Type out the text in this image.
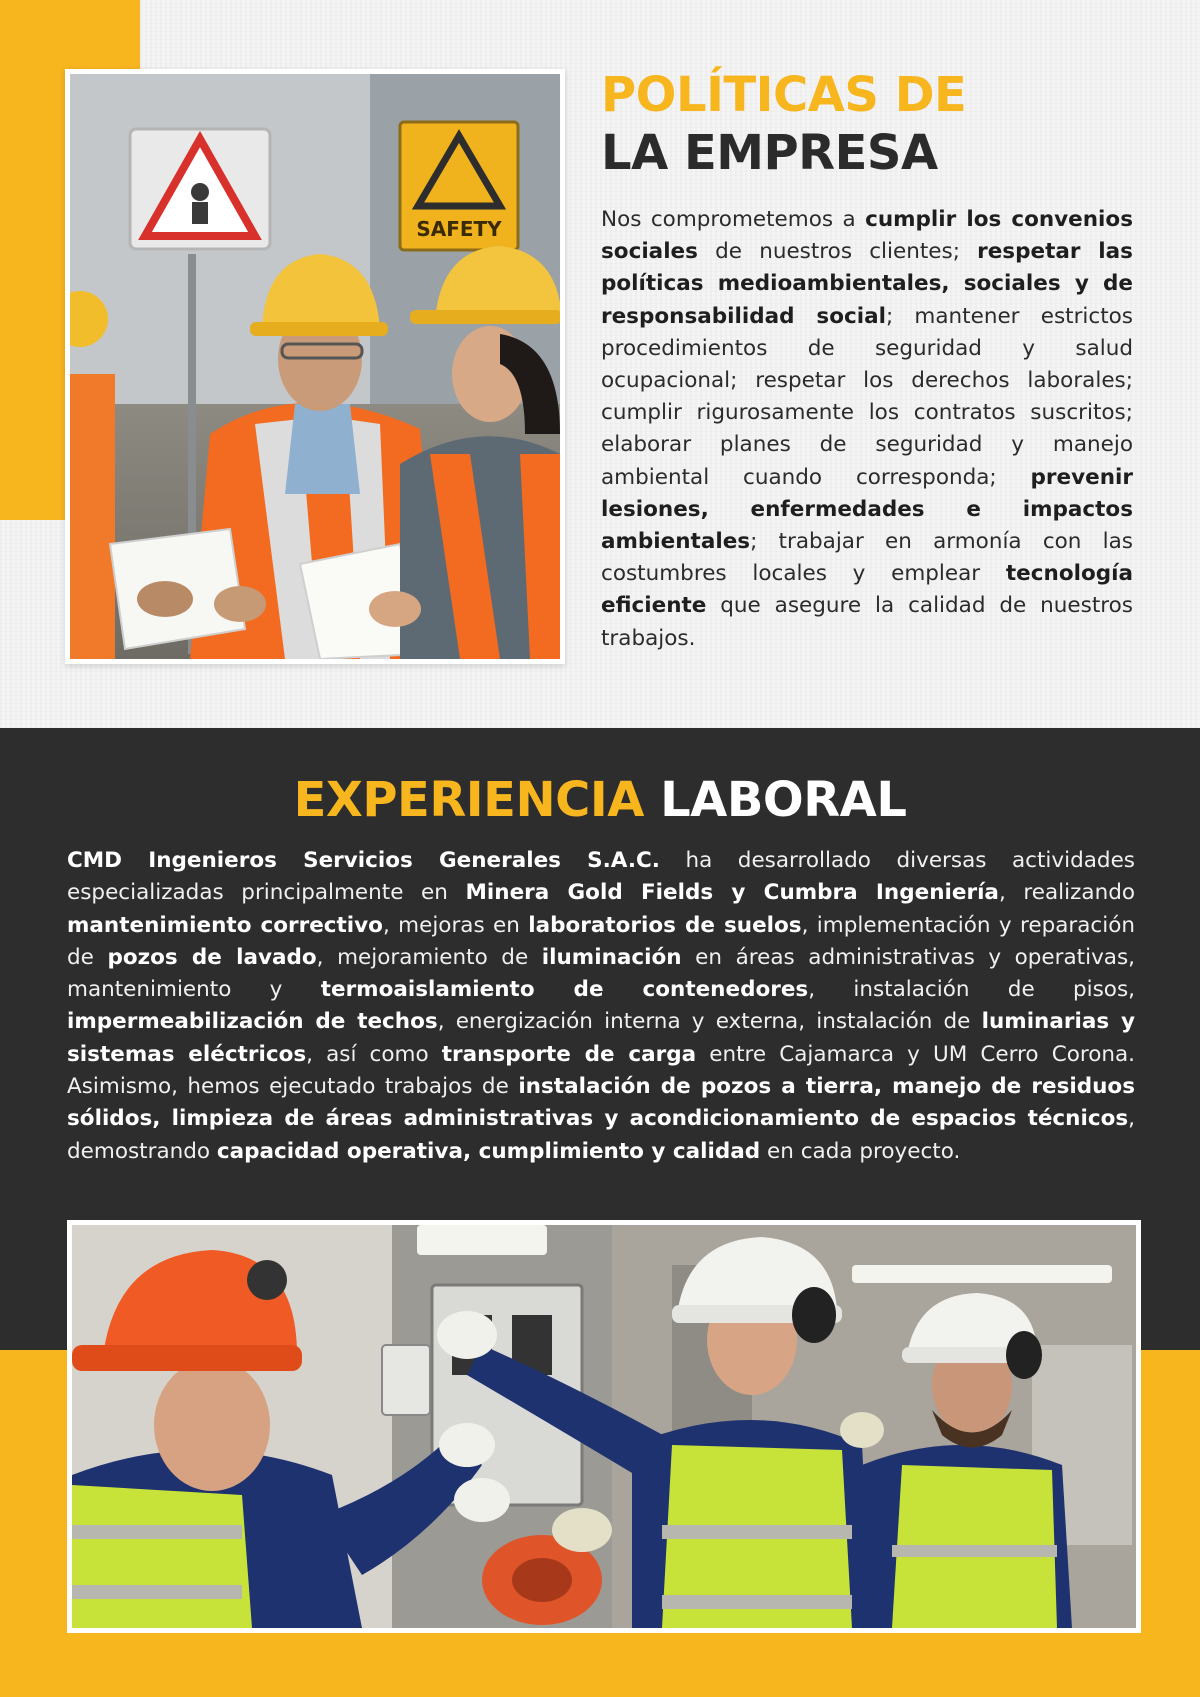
SAFETY
POLÍTICAS DE
LA EMPRESA

Nos comprometemos a cumplir los convenios sociales de nuestros clientes; respetar las políticas medioambientales, sociales y de responsabilidad social; mantener estrictos procedimientos de seguridad y salud ocupacional; respetar los derechos laborales; cumplir rigurosamente los contratos suscritos; elaborar planes de seguridad y manejo ambiental cuando corresponda; prevenir lesiones, enfermedades e impactos ambientales; trabajar en armonía con las costumbres locales y emplear tecnología eficiente que asegure la calidad de nuestros trabajos.

EXPERIENCIA LABORAL

CMD Ingenieros Servicios Generales S.A.C. ha desarrollado diversas actividades especializadas principalmente en Minera Gold Fields y Cumbra Ingeniería, realizando mantenimiento correctivo, mejoras en laboratorios de suelos, implementación y reparación de pozos de lavado, mejoramiento de iluminación en áreas administrativas y operativas, mantenimiento y termoaislamiento de contenedores, instalación de pisos, impermeabilización de techos, energización interna y externa, instalación de luminarias y sistemas eléctricos, así como transporte de carga entre Cajamarca y UM Cerro Corona. Asimismo, hemos ejecutado trabajos de instalación de pozos a tierra, manejo de residuos sólidos, limpieza de áreas administrativas y acondicionamiento de espacios técnicos, demostrando capacidad operativa, cumplimiento y calidad en cada proyecto.
